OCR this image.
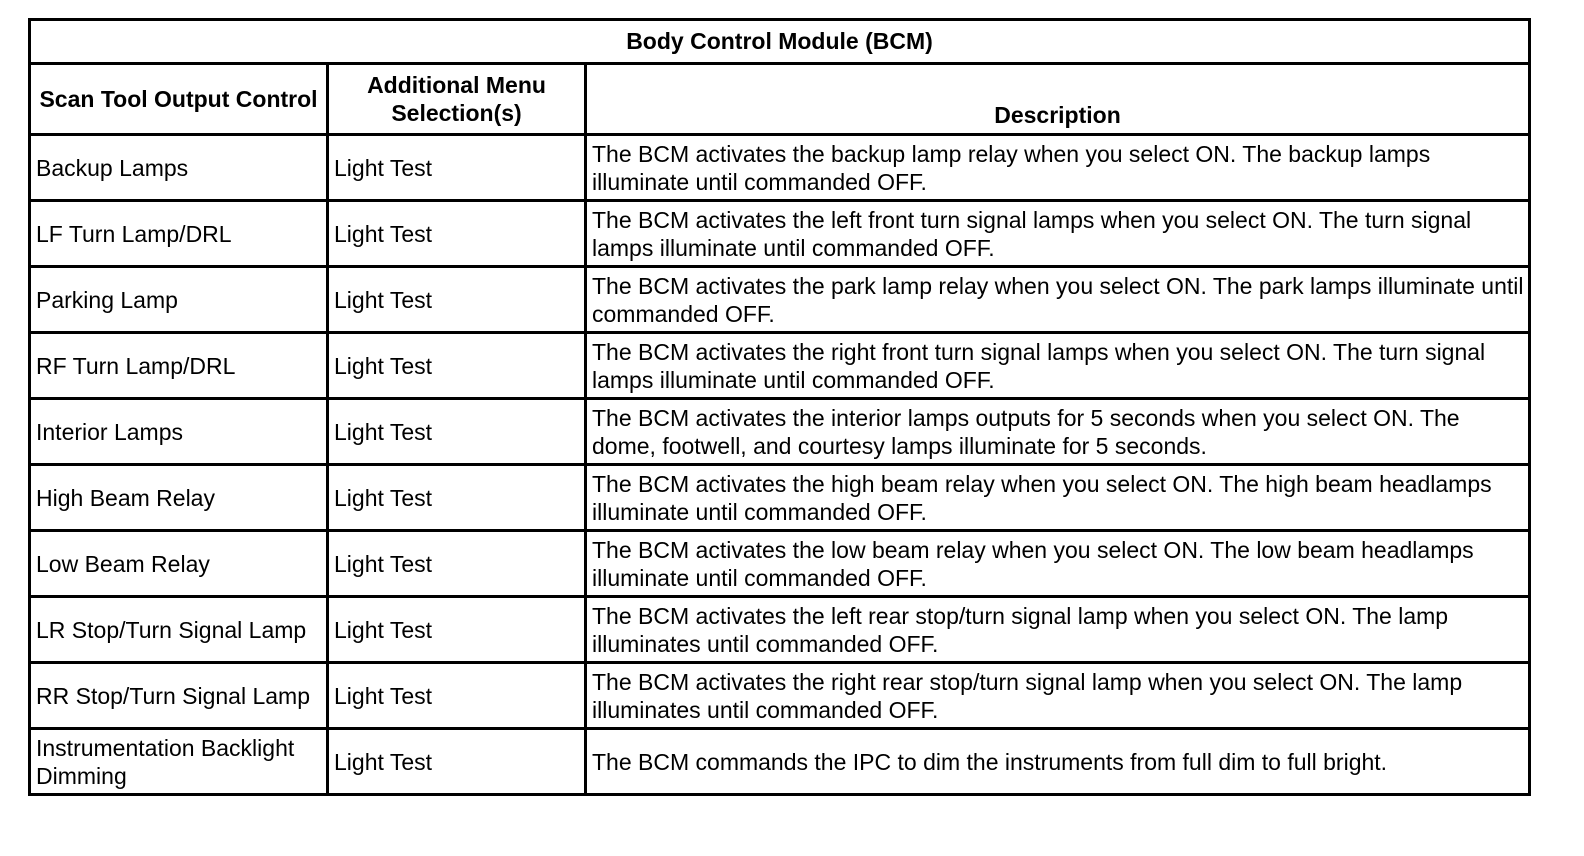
Body Control Module (BCM)		
Scan Tool Output Control	Additional Menu Selection(s)	Description
Backup Lamps	Light Test	The BCM activates the backup lamp relay when you select ON. The backup lamps illuminate until commanded OFF.
LF Turn Lamp/DRL	Light Test	The BCM activates the left front turn signal lamps when you select ON. The turn signal lamps illuminate until commanded OFF.
Parking Lamp	Light Test	The BCM activates the park lamp relay when you select ON. The park lamps illuminate until commanded OFF.
RF Turn Lamp/DRL	Light Test	The BCM activates the right front turn signal lamps when you select ON. The turn signal lamps illuminate until commanded OFF.
Interior Lamps	Light Test	The BCM activates the interior lamps outputs for 5 seconds when you select ON. The dome, footwell, and courtesy lamps illuminate for 5 seconds.
High Beam Relay	Light Test	The BCM activates the high beam relay when you select ON. The high beam headlamps illuminate until commanded OFF.
Low Beam Relay	Light Test	The BCM activates the low beam relay when you select ON. The low beam headlamps illuminate until commanded OFF.
LR Stop/Turn Signal Lamp	Light Test	The BCM activates the left rear stop/turn signal lamp when you select ON. The lamp illuminates until commanded OFF.
RR Stop/Turn Signal Lamp	Light Test	The BCM activates the right rear stop/turn signal lamp when you select ON. The lamp illuminates until commanded OFF.
Instrumentation Backlight Dimming	Light Test	The BCM commands the IPC to dim the instruments from full dim to full bright.
